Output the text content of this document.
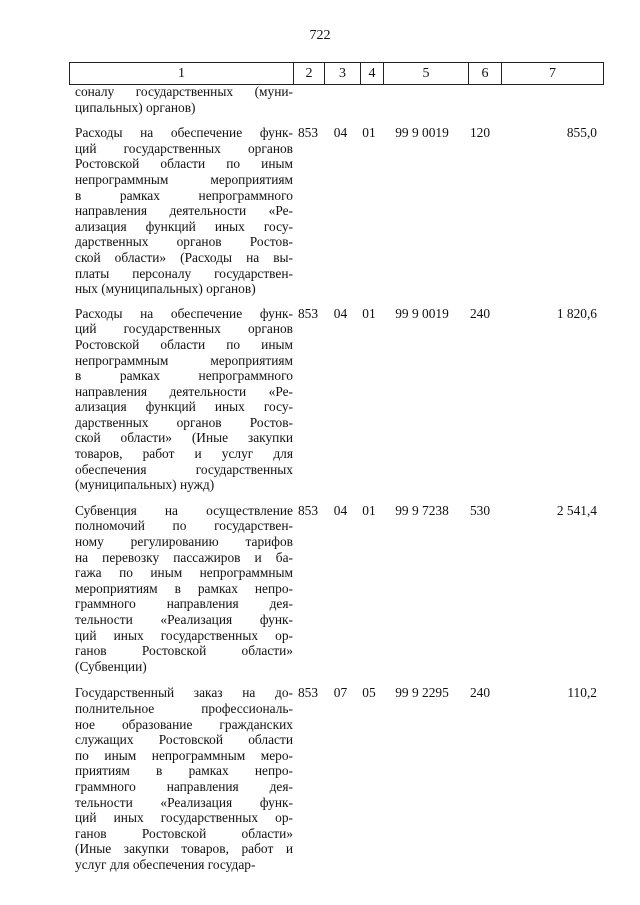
722
1	2	3	4	5	6	7
соналу государственных (муни-
ципальных) органов)
Расходы на обеспечение функ-
ций государственных органов
Ростовской области по иным
непрограммным мероприятиям
в рамках непрограммного
направления деятельности «Ре-
ализация функций иных госу-
дарственных органов Ростов-
ской области» (Расходы на вы-
платы персоналу государствен-
ных (муниципальных) органов)
853	04	01	99 9 0019	120	855,0
Расходы на обеспечение функ-
ций государственных органов
Ростовской области по иным
непрограммным мероприятиям
в рамках непрограммного
направления деятельности «Ре-
ализация функций иных госу-
дарственных органов Ростов-
ской области» (Иные закупки
товаров, работ и услуг для
обеспечения государственных
(муниципальных) нужд)
853	04	01	99 9 0019	240	1 820,6
Субвенция на осуществление
полномочий по государствен-
ному регулированию тарифов
на перевозку пассажиров и ба-
гажа по иным непрограммным
мероприятиям в рамках непро-
граммного направления дея-
тельности «Реализация функ-
ций иных государственных ор-
ганов Ростовской области»
(Субвенции)
853	04	01	99 9 7238	530	2 541,4
Государственный заказ на до-
полнительное профессиональ-
ное образование гражданских
служащих Ростовской области
по иным непрограммным меро-
приятиям в рамках непро-
граммного направления дея-
тельности «Реализация функ-
ций иных государственных ор-
ганов Ростовской области»
(Иные закупки товаров, работ и
услуг для обеспечения государ-
853	07	05	99 9 2295	240	110,2
